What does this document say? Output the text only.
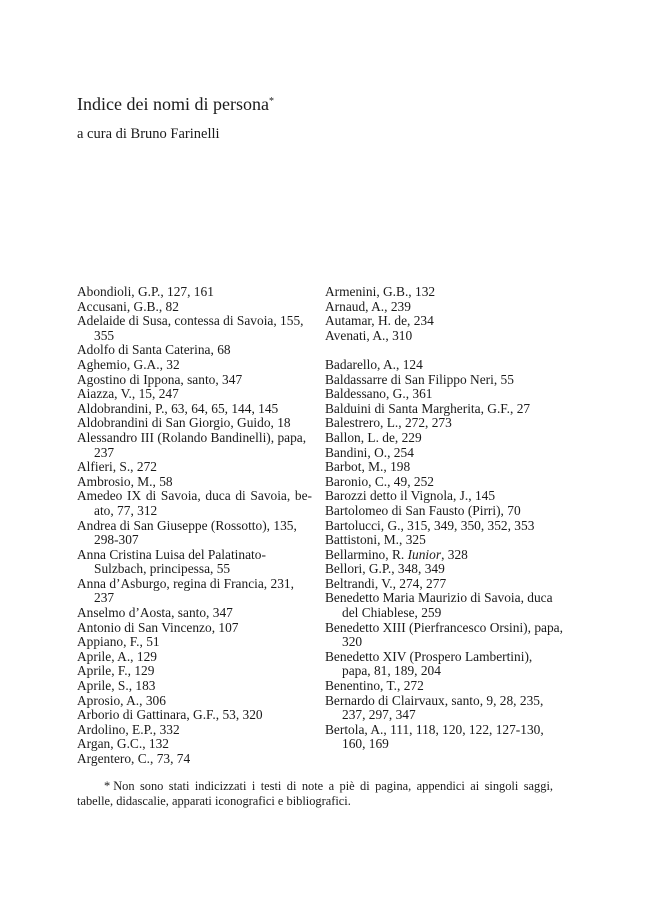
Indice dei nomi di persona*
a cura di Bruno Farinelli
Abondioli, G.P., 127, 161
Accusani, G.B., 82
Adelaide di Susa, contessa di Savoia, 155, 355
Adolfo di Santa Caterina, 68
Aghemio, G.A., 32
Agostino di Ippona, santo, 347
Aiazza, V., 15, 247
Aldobrandini, P., 63, 64, 65, 144, 145
Aldobrandini di San Giorgio, Guido, 18
Alessandro III (Rolando Bandinelli), papa, 237
Alfieri, S., 272
Ambrosio, M., 58
Amedeo IX di Savoia, duca di Savoia, be- ato, 77, 312
Andrea di San Giuseppe (Rossotto), 135, 298-307
Anna Cristina Luisa del Palatinato-Sulzbach, principessa, 55
Anna d’Asburgo, regina di Francia, 231, 237
Anselmo d’Aosta, santo, 347
Antonio di San Vincenzo, 107
Appiano, F., 51
Aprile, A., 129
Aprile, F., 129
Aprile, S., 183
Aprosio, A., 306
Arborio di Gattinara, G.F., 53, 320
Ardolino, E.P., 332
Argan, G.C., 132
Argentero, C., 73, 74
Armenini, G.B., 132
Arnaud, A., 239
Autamar, H. de, 234
Avenati, A., 310
Badarello, A., 124
Baldassarre di San Filippo Neri, 55
Baldessano, G., 361
Balduini di Santa Margherita, G.F., 27
Balestrero, L., 272, 273
Ballon, L. de, 229
Bandini, O., 254
Barbot, M., 198
Baronio, C., 49, 252
Barozzi detto il Vignola, J., 145
Bartolomeo di San Fausto (Pirri), 70
Bartolucci, G., 315, 349, 350, 352, 353
Battistoni, M., 325
Bellarmino, R. Iunior, 328
Bellori, G.P., 348, 349
Beltrandi, V., 274, 277
Benedetto Maria Maurizio di Savoia, duca del Chiablese, 259
Benedetto XIII (Pierfrancesco Orsini), papa, 320
Benedetto XIV (Prospero Lambertini), papa, 81, 189, 204
Benentino, T., 272
Bernardo di Clairvaux, santo, 9, 28, 235, 237, 297, 347
Bertola, A., 111, 118, 120, 122, 127-130, 160, 169
* Non sono stati indicizzati i testi di note a piè di pagina, appendici ai singoli saggi, tabelle, didascalie, apparati iconografici e bibliografici.
